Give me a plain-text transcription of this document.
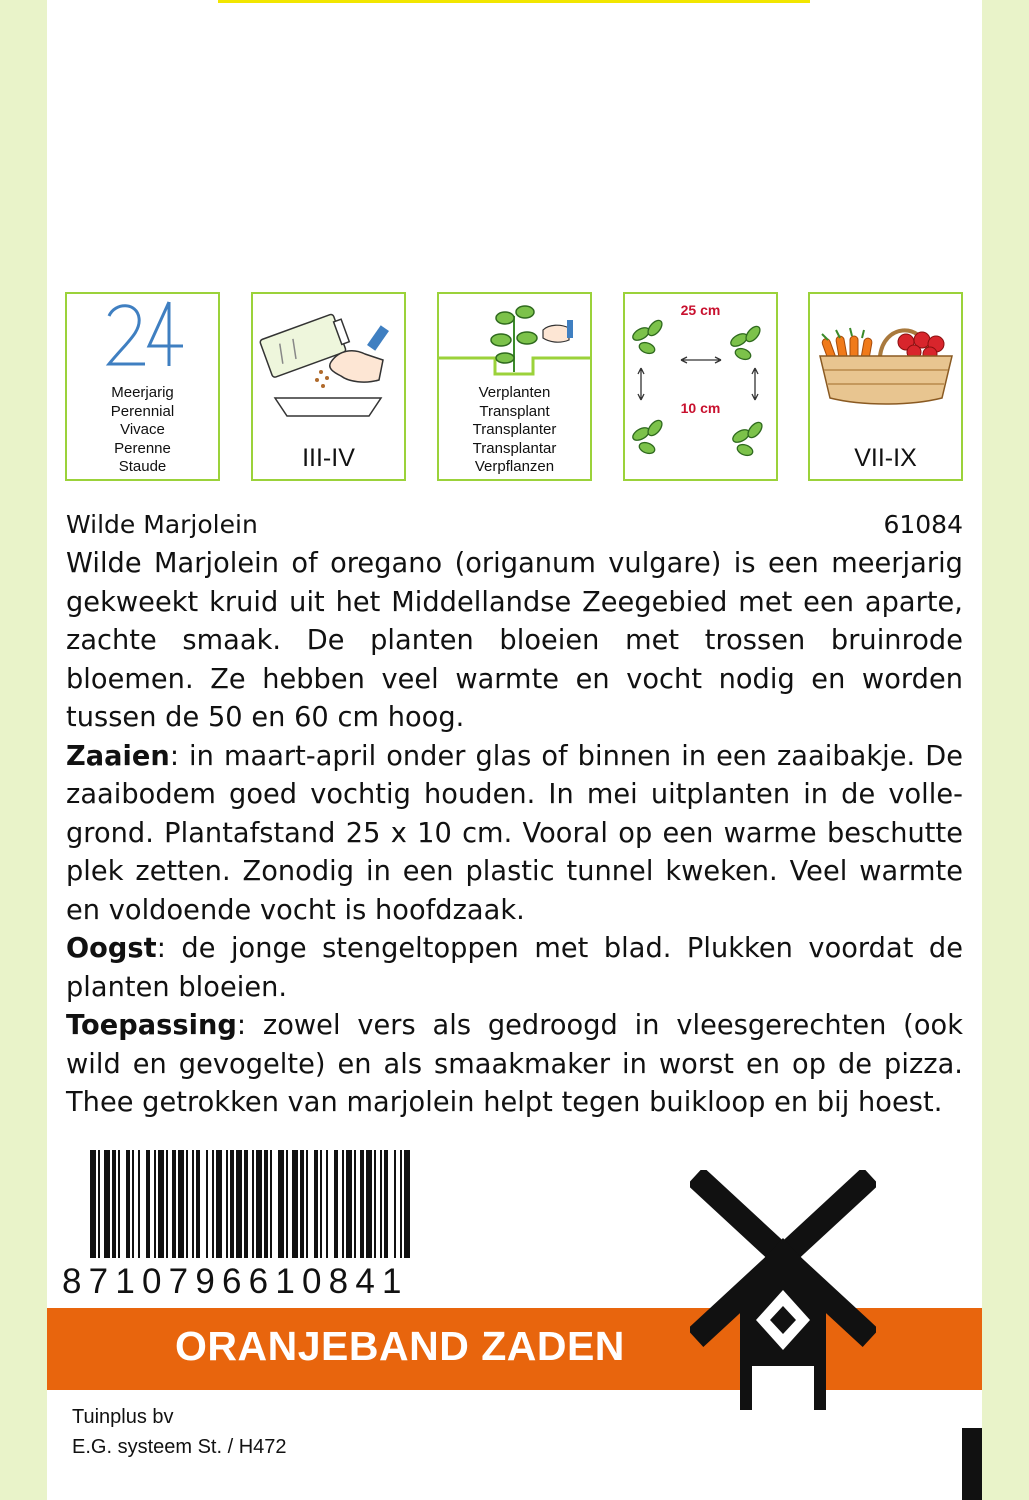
Meerjarig
Perennial
Vivace
Perenne
Staude	III-IV
Verplanten
Transplant
Transplanter
Transplantar
Verpflanzen
25 cm
10 cm
VII-IX
Wilde Marjolein	61084

Wilde Marjolein of oregano (origanum vulgare) is een meerjarig gekweekt kruid uit het Middellandse Zeegebied met een aparte, zachte smaak. De planten bloeien met trossen bruinrode bloemen. Ze hebben veel warmte en vocht nodig en worden tussen de 50 en 60 cm hoog.

Zaaien: in maart-april onder glas of binnen in een zaaibakje. De zaaibodem goed vochtig houden. In mei uitplanten in de volle-grond. Plantafstand 25 x 10 cm. Vooral op een warme beschutte plek zetten. Zonodig in een plastic tunnel kweken. Veel warmte en voldoende vocht is hoofdzaak.

Oogst: de jonge stengeltoppen met blad. Plukken voordat de planten bloeien.

Toepassing: zowel vers als gedroogd in vleesgerechten (ook wild en gevogelte) en als smaakmaker in worst en op de pizza. Thee getrokken van marjolein helpt tegen buikloop en bij hoest.

8710796610841
ORANJEBAND ZADEN
Tuinplus bv
E.G. systeem St. / H472
